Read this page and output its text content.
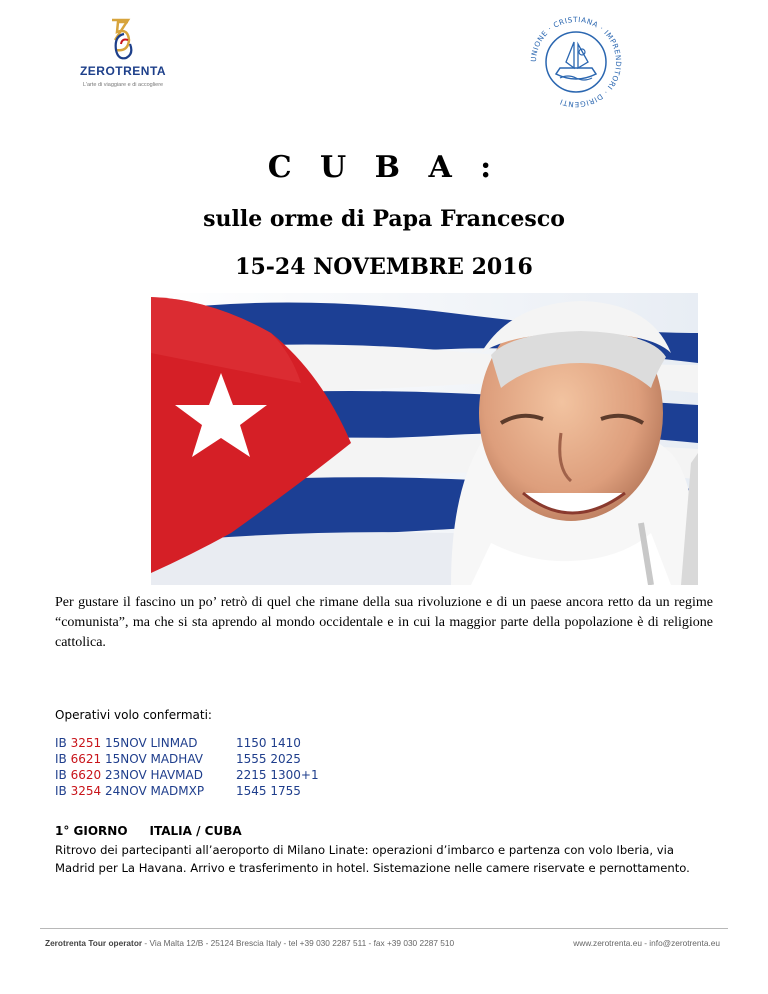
ZEROTRENTA
L'arte di viaggiare e di accogliere
UNIONE · CRISTIANA · IMPRENDITORI · DIRIGENTI
C U B A :
sulle orme di Papa Francesco
15-24 NOVEMBRE 2016
Per gustare il fascino un po’ retrò di quel che rimane della sua rivoluzione e di un paese ancora retto da un regime “comunista”, ma che si sta aprendo al mondo occidentale e in cui la maggior parte della popolazione è di religione cattolica.
Operativi volo confermati:
IB 3251 15NOV LINMAD	1150 1410
IB 6621 15NOV MADHAV	1555 2025
IB 6620 23NOV HAVMAD	2215 1300+1
IB 3254 24NOV MADMXP	1545 1755
1° GIORNO ITALIA / CUBA
Ritrovo dei partecipanti all’aeroporto di Milano Linate: operazioni d’imbarco e partenza con volo Iberia, via Madrid per La Havana. Arrivo e trasferimento in hotel. Sistemazione nelle camere riservate e pernottamento.
Zerotrenta Tour operator - Via Malta 12/B - 25124 Brescia Italy - tel +39 030 2287 511 - fax +39 030 2287 510	www.zerotrenta.eu - info@zerotrenta.eu
